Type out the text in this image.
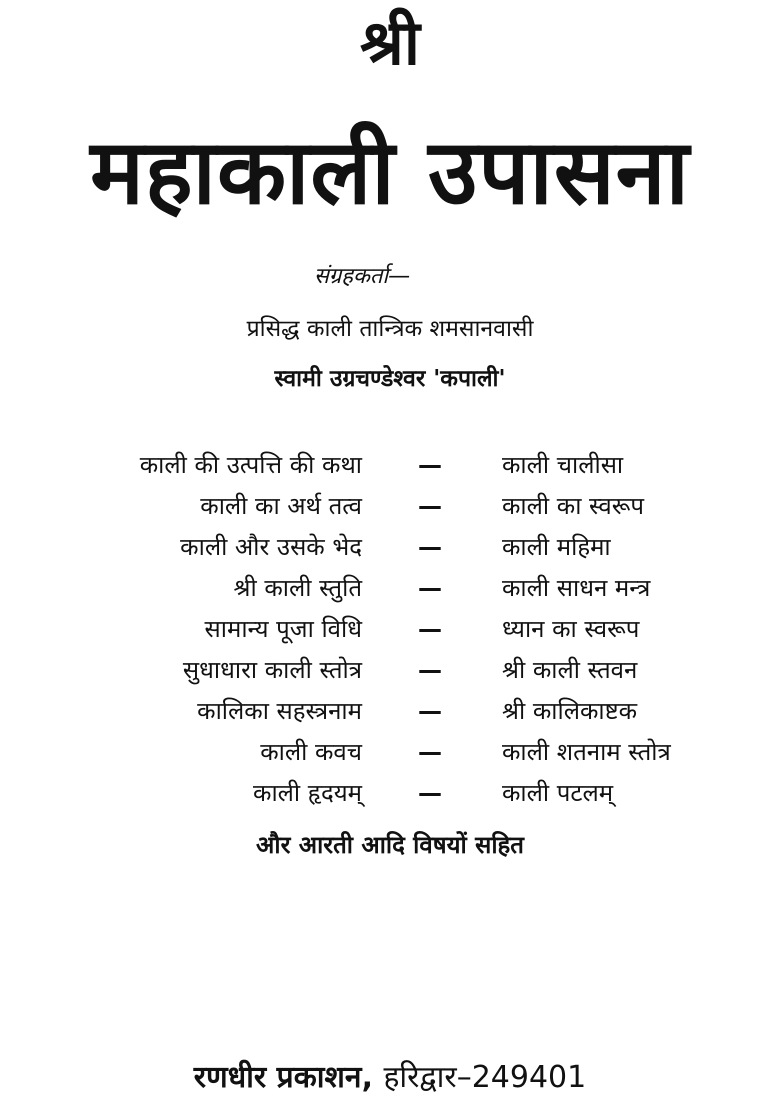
श्री
महाकाली उपासना
संग्रहकर्ता—
प्रसिद्ध काली तान्त्रिक शमसानवासी
स्वामी उग्रचण्डेश्वर 'कपाली'
काली की उत्पत्ति की कथा	—	काली चालीसा
काली का अर्थ तत्व	—	काली का स्वरूप
काली और उसके भेद	—	काली महिमा
श्री काली स्तुति	—	काली साधन मन्त्र
सामान्य पूजा विधि	—	ध्यान का स्वरूप
सुधाधारा काली स्तोत्र	—	श्री काली स्तवन
कालिका सहस्त्रनाम	—	श्री कालिकाष्टक
काली कवच	—	काली शतनाम स्तोत्र
काली हृदयम्	—	काली पटलम्
और आरती आदि विषयों सहित
रणधीर प्रकाशन, हरिद्वार–249401
